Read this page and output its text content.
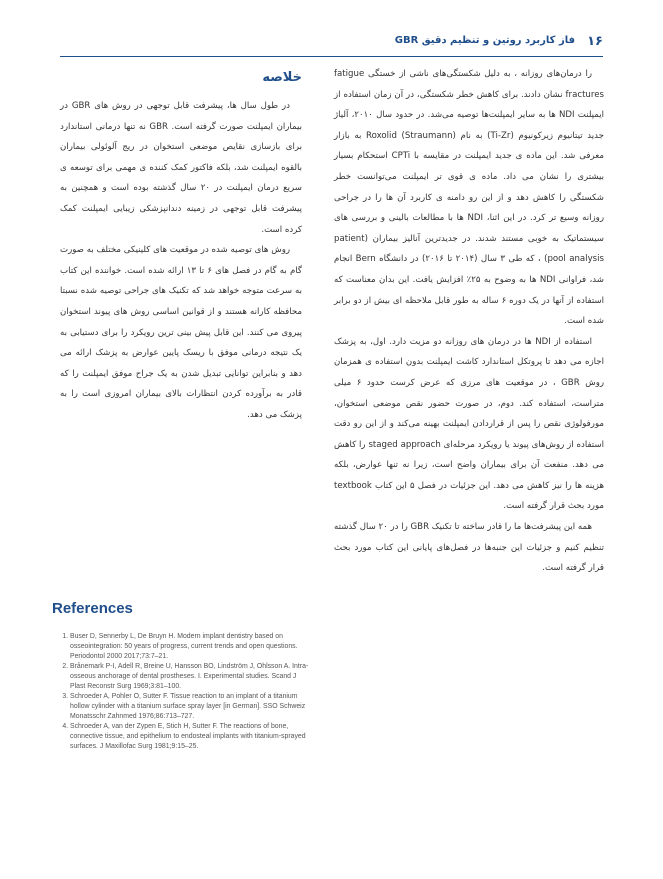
۱۶
فاز کاربرد روتین و تنظیم دقیق GBR

را درمان‌های روزانه ، به دلیل شکستگی‌های ناشی از خستگی fatigue fractures نشان دادند. برای کاهش خطر شکستگی، در آن زمان استفاده از ایمپلنت NDI ها به سایر ایمپلنت‌ها توصیه می‌شد. در حدود سال ۲۰۱۰، آلیاژ جدید تیتانیوم زیرکونیوم (Ti-Zr) به نام Roxolid (Straumann) به بازار معرفی شد. این ماده ی جدید ایمپلنت در مقایسه با CPTi استحکام بسیار بیشتری را نشان می داد. ماده ی قوی تر ایمپلنت می‌توانست خطر شکستگی را کاهش دهد و از این رو دامنه ی کاربرد آن ها را در جراحی روزانه وسیع تر کرد. در این اثنا، NDI ها با مطالعات بالینی و بررسی های سیستماتیک به خوبی مستند شدند. در جدیدترین آنالیز بیماران (patient pool analysis) ، که طی ۳ سال (۲۰۱۴ تا ۲۰۱۶) در دانشگاه Bern انجام شد، فراوانی NDI ها به وضوح به ۲۵٪ افزایش یافت. این بدان معناست که استفاده از آنها در یک دوره ۶ ساله به طور قابل ملاحظه ای بیش از دو برابر شده است.

استفاده از NDI ها در درمان های روزانه دو مزیت دارد. اول، به پزشک اجازه می دهد تا پروتکل استاندارد کاشت ایمپلنت بدون استفاده ی همزمان روش GBR ، در موقعیت های مرزی که عرض کرست حدود ۶ میلی متراست، استفاده کند. دوم، در صورت حضور نقص موضعی استخوان، مورفولوژی نقص را پس از قراردادن ایمپلنت بهینه می‌کند و از این رو دقت استفاده از روش‌های پیوند یا رویکرد مرحله‌ای staged approach را کاهش می دهد. منفعت آن برای بیماران واضح است، زیرا نه تنها عوارض، بلکه هزینه ها را نیز کاهش می دهد. این جزئیات در فصل ۵ این کتاب textbook مورد بحث قرار گرفته است.

همه این پیشرفت‌ها ما را قادر ساخته تا تکنیک GBR را در ۲۰ سال گذشته تنظیم کنیم و جزئیات این جنبه‌ها در فصل‌های پایانی این کتاب مورد بحث قرار گرفته است.

خلاصه

در طول سال ها، پیشرفت قابل توجهی در روش های GBR در بیماران ایمپلنت صورت گرفته است. GBR نه تنها درمانی استاندارد برای بازسازی نقایص موضعی استخوان در ریج آلوئولی بیماران بالقوه ایمپلنت شد، بلکه فاکتور کمک کننده ی مهمی برای توسعه ی سریع درمان ایمپلنت در ۲۰ سال گذشته بوده است و همچنین به پیشرفت قابل توجهی در زمینه دندانپزشکی زیبایی ایمپلنت کمک کرده است.

روش های توصیه شده در موقعیت های کلینیکی مختلف به صورت گام به گام در فصل های ۶ تا ۱۳ ارائه شده است. خواننده این کتاب به سرعت متوجه خواهد شد که تکنیک های جراحی توصیه شده نسبتا محافظه کارانه هستند و از قوانین اساسی روش های پیوند استخوان پیروی می کنند. این قابل پیش بینی ترین رویکرد را برای دستیابی به یک نتیجه درمانی موفق با ریسک پایین عوارض به پزشک ارائه می دهد و بنابراین توانایی تبدیل شدن به یک جراح موفق ایمپلنت را که قادر به برآورده کردن انتظارات بالای بیماران امروزی است را به پزشک می دهد.

References
1. Buser D, Sennerby L, De Bruyn H. Modern implant dentistry based on osseointegration: 50 years of progress, current trends and open questions. Periodontol 2000 2017;73:7–21.
2. Brånemark P-I, Adell R, Breine U, Hansson BO, Lindström J, Ohlsson A. Intra-osseous anchorage of dental prostheses. I. Experimental studies. Scand J Plast Reconstr Surg 1969;3:81–100.
3. Schroeder A, Pohler O, Sutter F. Tissue reaction to an implant of a titanium hollow cylinder with a titanium surface spray layer [in German]. SSO Schweiz Monatsschr Zahnmed 1976;86:713–727.
4. Schroeder A, van der Zypen E, Stich H, Sutter F. The reactions of bone, connective tissue, and epithelium to endosteal implants with titanium-sprayed surfaces. J Maxillofac Surg 1981;9:15–25.
